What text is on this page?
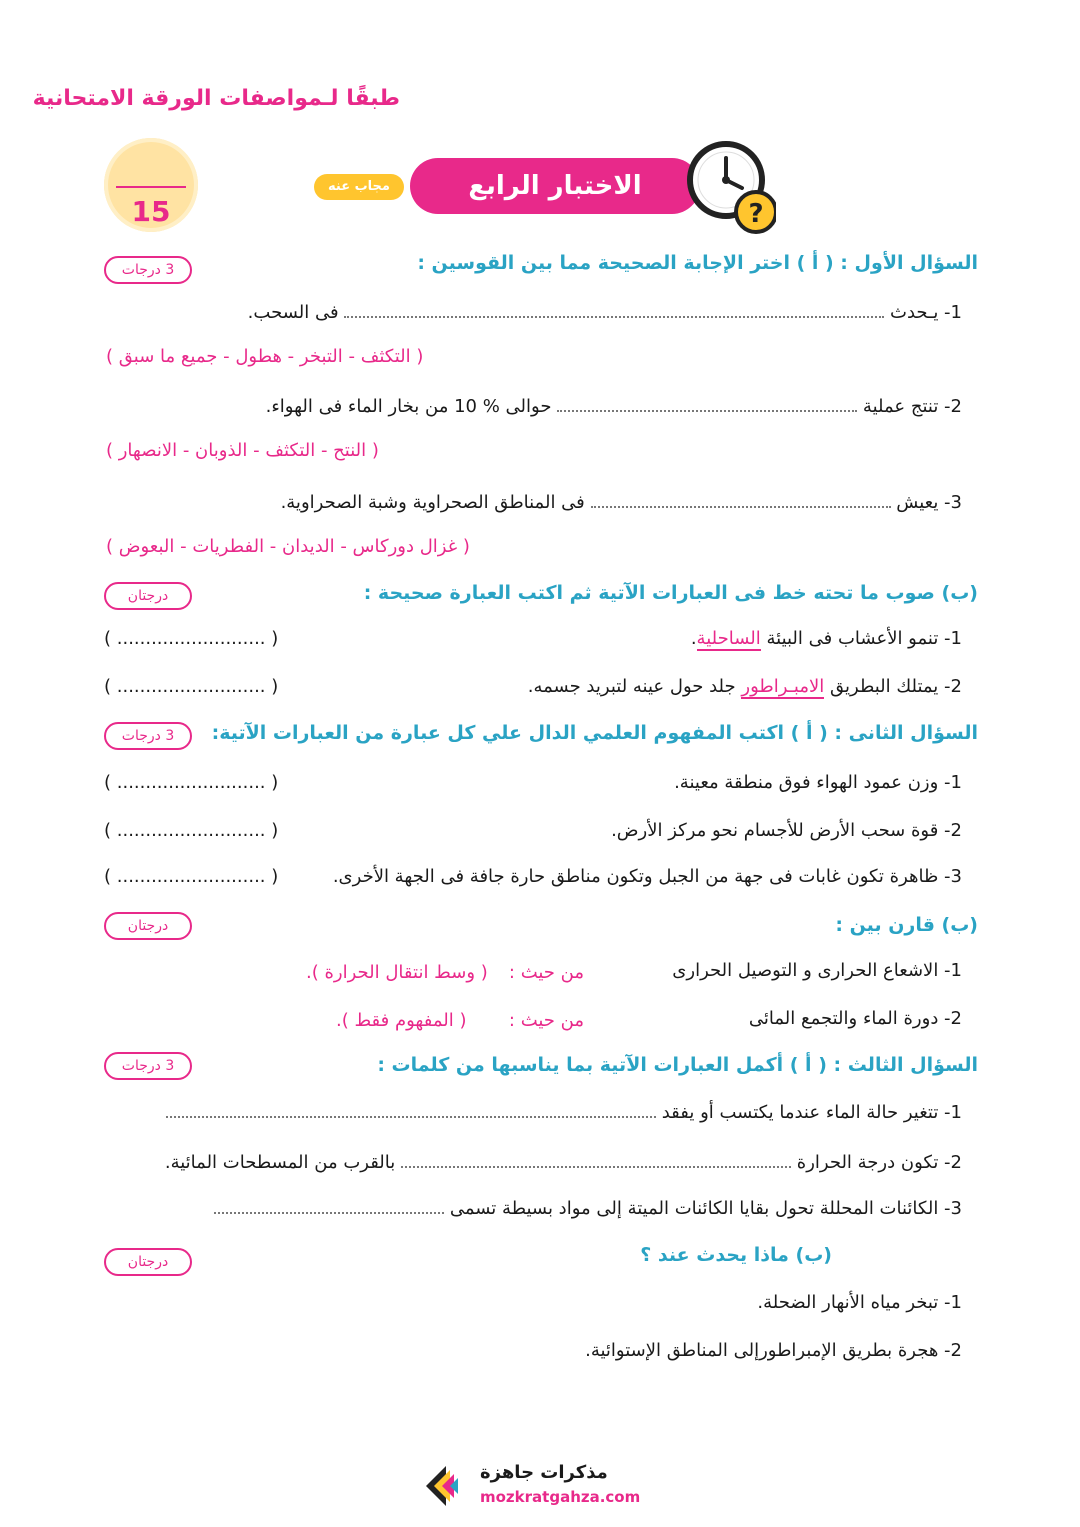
طبقًا لـمواصفات الورقة الامتحانية
15
الاختبار الرابع
مجاب عنه
?
السؤال الأول : ( أ ) اختر الإجابة الصحيحة مما بين القوسين :
3 درجات
1- يـحدث  فى السحب.
( التكثف - التبخر - هطول - جميع ما سبق )
2- تنتج عملية  حوالى % 10 من بخار الماء فى الهواء.
( النتح - التكثف - الذوبان - الانصهار )
3- يعيش  فى المناطق الصحراوية وشبة الصحراوية.
( غزال دوركاس - الديدان - الفطريات - البعوض )
(ب) صوب ما تحته خط فى العبارات الآتية ثم اكتب العبارة صحيحة :
درجتان
1- تنمو الأعشاب فى البيئة الساحلية.
( .......................... )
2- يمتلك البطريق الامبـراطور جلد حول عينه لتبريد جسمه.
( .......................... )
السؤال الثانى : ( أ ) اكتب المفهوم العلمي الدال علي كل عبارة من العبارات الآتية:
3 درجات
1- وزن عمود الهواء فوق منطقة معينة.
( .......................... )
2- قوة سحب الأرض للأجسام نحو مركز الأرض.
( .......................... )
3- ظاهرة تكون غابات فى جهة من الجبل وتكون مناطق حارة جافة فى الجهة الأخرى.
( .......................... )
(ب) قارن بين :
درجتان
1- الاشعاع الحرارى و التوصيل الحرارى
من حيث :
( وسط انتقال الحرارة ).
2- دورة الماء والتجمع المائى
من حيث :
( المفهوم فقط ).
السؤال الثالث : ( أ ) أكمل العبارات الآتية بما يناسبها من كلمات :
3 درجات
1- تتغير حالة الماء عندما يكتسب أو يفقد
2- تكون درجة الحرارة  بالقرب من المسطحات المائية.
3- الكائنات المحللة تحول بقايا الكائنات الميتة إلى مواد بسيطة تسمى
(ب) ماذا يحدث عند ؟
درجتان
1- تبخر مياه الأنهار الضحلة.
2- هجرة بطريق الإمبراطورإلى المناطق الإستوائية.
مذكرات جاهزة
mozkratgahza.com
